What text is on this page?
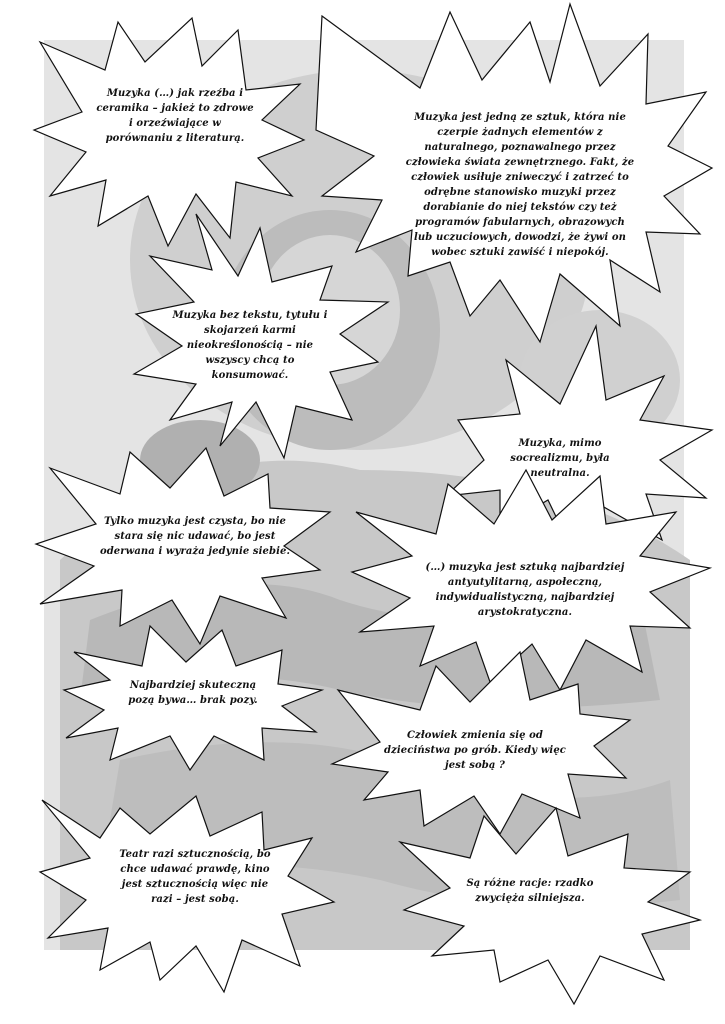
Muzyka (…) jak rzeźba i ceramika – jakież to zdrowe i orzeźwiające w porównaniu z literaturą.
Muzyka jest jedną ze sztuk, która nie czerpie żadnych elementów z naturalnego, poznawalnego przez człowieka świata zewnętrznego. Fakt, że człowiek usiłuje zniweczyć i zatrzeć to odrębne stanowisko muzyki przez dorabianie do niej tekstów czy też programów fabularnych, obrazowych lub uczuciowych, dowodzi, że żywi on wobec sztuki zawiść i niepokój.
Muzyka bez tekstu, tytułu i skojarzeń karmi nieokreślonością – nie wszyscy chcą to konsumować.
Muzyka, mimo socrealizmu, była neutralna.
Tylko muzyka jest czysta, bo nie stara się nic udawać, bo jest oderwana i wyraża jedynie siebie.
(…) muzyka jest sztuką najbardziej antyutylitarną, aspołeczną, indywidualistyczną, najbardziej arystokratyczna.
Najbardziej skuteczną pozą bywa… brak pozy.
Człowiek zmienia się od dzieciństwa po grób. Kiedy więc jest sobą ?
Teatr razi sztucznością, bo chce udawać prawdę, kino jest sztucznością więc nie razi – jest sobą.
Są różne racje: rzadko zwycięża silniejsza.
